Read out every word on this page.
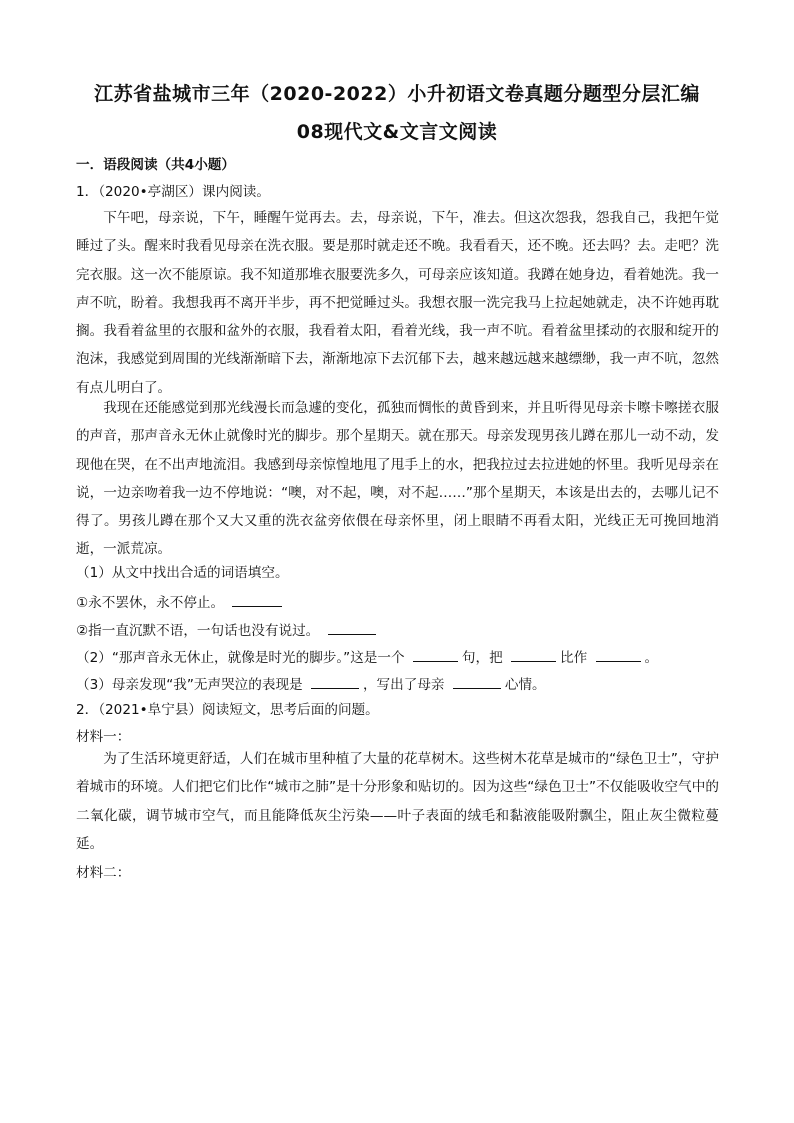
江苏省盐城市三年（2020-2022）小升初语文卷真题分题型分层汇编
08现代文&文言文阅读
一．语段阅读（共4小题）
1．（2020•亭湖区）课内阅读。

下午吧，母亲说，下午，睡醒午觉再去。去，母亲说，下午，准去。但这次怨我，怨我自己，我把午觉睡过了头。醒来时我看见母亲在洗衣服。要是那时就走还不晚。我看看天，还不晚。还去吗？去。走吧？洗完衣服。这一次不能原谅。我不知道那堆衣服要洗多久，可母亲应该知道。我蹲在她身边，看着她洗。我一声不吭，盼着。我想我再不离开半步，再不把觉睡过头。我想衣服一洗完我马上拉起她就走，决不许她再耽搁。我看着盆里的衣服和盆外的衣服，我看着太阳，看着光线，我一声不吭。看着盆里揉动的衣服和绽开的泡沫，我感觉到周围的光线渐渐暗下去，渐渐地凉下去沉郁下去，越来越远越来越缥缈，我一声不吭，忽然有点儿明白了。

我现在还能感觉到那光线漫长而急遽的变化，孤独而惆怅的黄昏到来，并且听得见母亲卡嚓卡嚓搓衣服的声音，那声音永无休止就像时光的脚步。那个星期天。就在那天。母亲发现男孩儿蹲在那儿一动不动，发现他在哭，在不出声地流泪。我感到母亲惊惶地甩了甩手上的水，把我拉过去拉进她的怀里。我听见母亲在说，一边亲吻着我一边不停地说：“噢，对不起，噢，对不起……”那个星期天，本该是出去的，去哪儿记不得了。男孩儿蹲在那个又大又重的洗衣盆旁依偎在母亲怀里，闭上眼睛不再看太阳，光线正无可挽回地消逝，一派荒凉。

（1）从文中找出合适的词语填空。
①永不罢休，永不停止。
②指一直沉默不语，一句话也没有说过。
（2）“那声音永无休止，就像是时光的脚步。”这是一个	句，把	比作	。
（3）母亲发现“我”无声哭泣的表现是	，写出了母亲	心情。
2．（2021•阜宁县）阅读短文，思考后面的问题。
材料一：

为了生活环境更舒适，人们在城市里种植了大量的花草树木。这些树木花草是城市的“绿色卫士”，守护着城市的环境。人们把它们比作“城市之肺”是十分形象和贴切的。因为这些“绿色卫士”不仅能吸收空气中的二氧化碳，调节城市空气，而且能降低灰尘污染——叶子表面的绒毛和黏液能吸附飘尘，阻止灰尘微粒蔓延。

材料二：
